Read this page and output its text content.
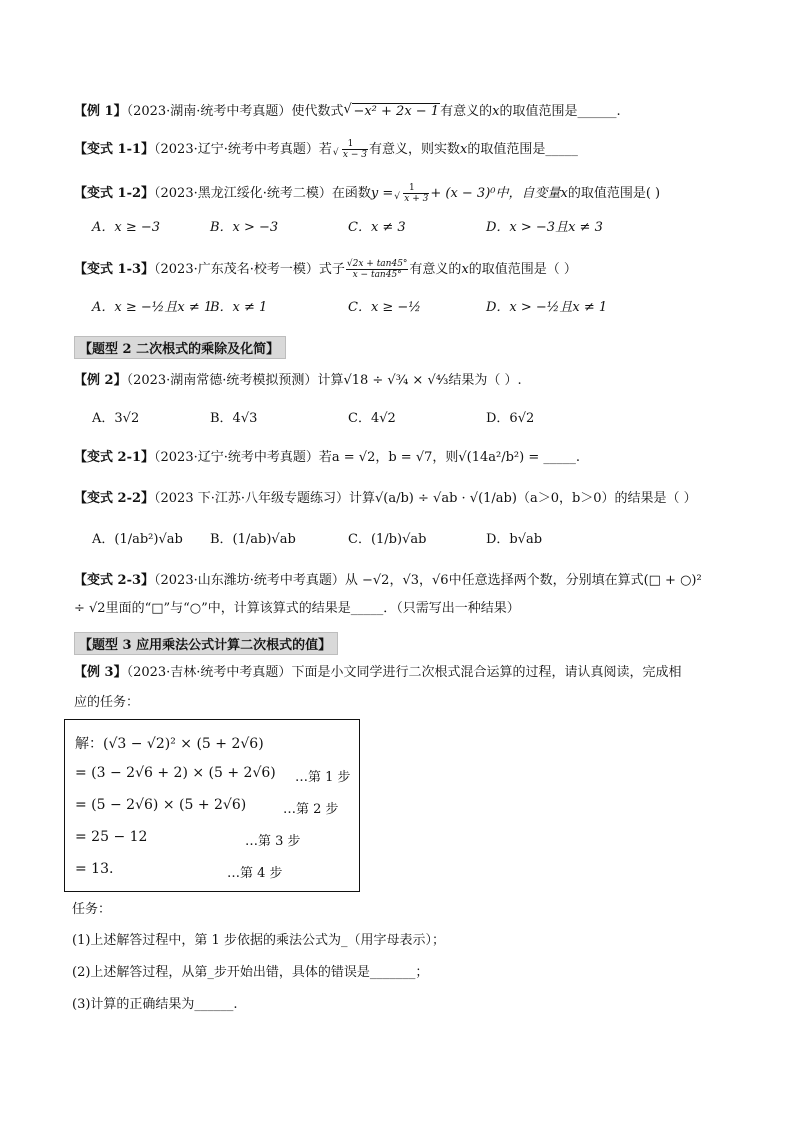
【例 1】（2023·湖南·统考中考真题）使代数式√ −x² + 2x − 1有意义的x的取值范围是______.
【变式 1-1】（2023·辽宁·统考中考真题）若 1
√ x − 3 有意义，则实数x的取值范围是_____
【变式 1-2】（2023·黑龙江绥化·统考二模）在函数y = 1
√ x + 3 + (x − 3)⁰中，自变量x的取值范围是( )
A．x ≥ −3	B．x > −3	C．x ≠ 3	D．x > −3且x ≠ 3
【变式 1-3】（2023·广东茂名·校考一模）式子 $\frac{√2x + \tan 45^\circ}{x - \tan 45^\circ}$ 有意义的x的取值范围是（ ）
A．x ≥ −½且x ≠ 1
B．x ≠ 1	C．x ≥ −½	D．x > −½且x ≠ 1
【题型 2 二次根式的乘除及化简】
【例 2】（2023·湖南常德·统考模拟预测）计算√18 ÷ √¾ × √⁴⁄₃结果为（ ）.
A．3√2	B．4√3	C．4√2	D．6√2
【变式 2-1】（2023·辽宁·统考中考真题）若a = √2，b = √7，则√(14a²/b²) = _____.
【变式 2-2】（2023 下·江苏·八年级专题练习）计算√(a/b) ÷ √ab · √(1/ab)（a＞0，b＞0）的结果是（ ）
A．(1/ab²)√ab B．(1/ab)√ab	C．(1/b)√ab	D．b√ab
【变式 2-3】（2023·山东潍坊·统考中考真题）从 −√2，√3，√6中任意选择两个数，分别填在算式(□ + ○)²
÷ √2里面的“□”与“○”中，计算该算式的结果是_____．（只需写出一种结果）
【题型 3 应用乘法公式计算二次根式的值】
【例 3】（2023·吉林·统考中考真题）下面是小文同学进行二次根式混合运算的过程，请认真阅读，完成相
应的任务：
解：(√3 − √2)² × (5 + 2√6)
= (3 − 2√6 + 2) × (5 + 2√6)
= (5 − 2√6) × (5 + 2√6)
= 25 − 12
= 13.
…第 1 步
…第 2 步
…第 3 步
…第 4 步
任务：
(1)上述解答过程中，第 1 步依据的乘法公式为_（用字母表示）；
(2)上述解答过程，从第_步开始出错，具体的错误是_______；
(3)计算的正确结果为______.
